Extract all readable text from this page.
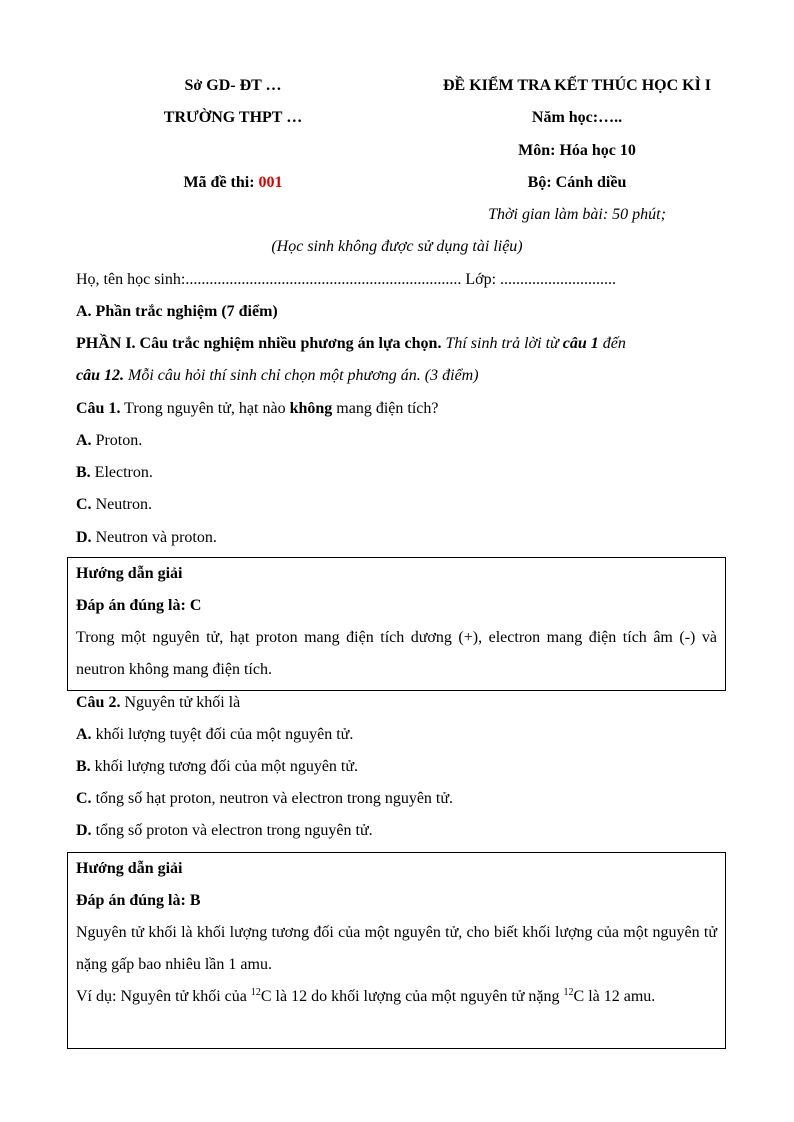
Sở GD- ĐT …
TRƯỜNG THPT …
Mã đề thi: 001
ĐỀ KIỂM TRA KẾT THÚC HỌC KÌ I
Năm học:…..
Môn: Hóa học 10
Bộ: Cánh diều
Thời gian làm bài: 50 phút;
(Học sinh không được sử dụng tài liệu)
Họ, tên học sinh:..................................................................... Lớp: .............................
A. Phần trắc nghiệm (7 điểm)
PHẦN I. Câu trắc nghiệm nhiều phương án lựa chọn. Thí sinh trả lời từ câu 1 đến
câu 12. Mỗi câu hỏi thí sinh chỉ chọn một phương án. (3 điểm)
Câu 1. Trong nguyên tử, hạt nào không mang điện tích?
A. Proton.
B. Electron.
C. Neutron.
D. Neutron và proton.

Hướng dẫn giải

Đáp án đúng là: C

Trong một nguyên tử, hạt proton mang điện tích dương (+), electron mang điện tích âm (-) và neutron không mang điện tích.

Câu 2. Nguyên tử khối là
A. khối lượng tuyệt đối của một nguyên tử.
B. khối lượng tương đối của một nguyên tử.
C. tổng số hạt proton, neutron và electron trong nguyên tử.
D. tổng số proton và electron trong nguyên tử.

Hướng dẫn giải

Đáp án đúng là: B

Nguyên tử khối là khối lượng tương đối của một nguyên tử, cho biết khối lượng của một nguyên tử nặng gấp bao nhiêu lần 1 amu.

Ví dụ: Nguyên tử khối của $^{12}$C là 12 do khối lượng của một nguyên tử nặng $^{12}$C là 12 amu.
